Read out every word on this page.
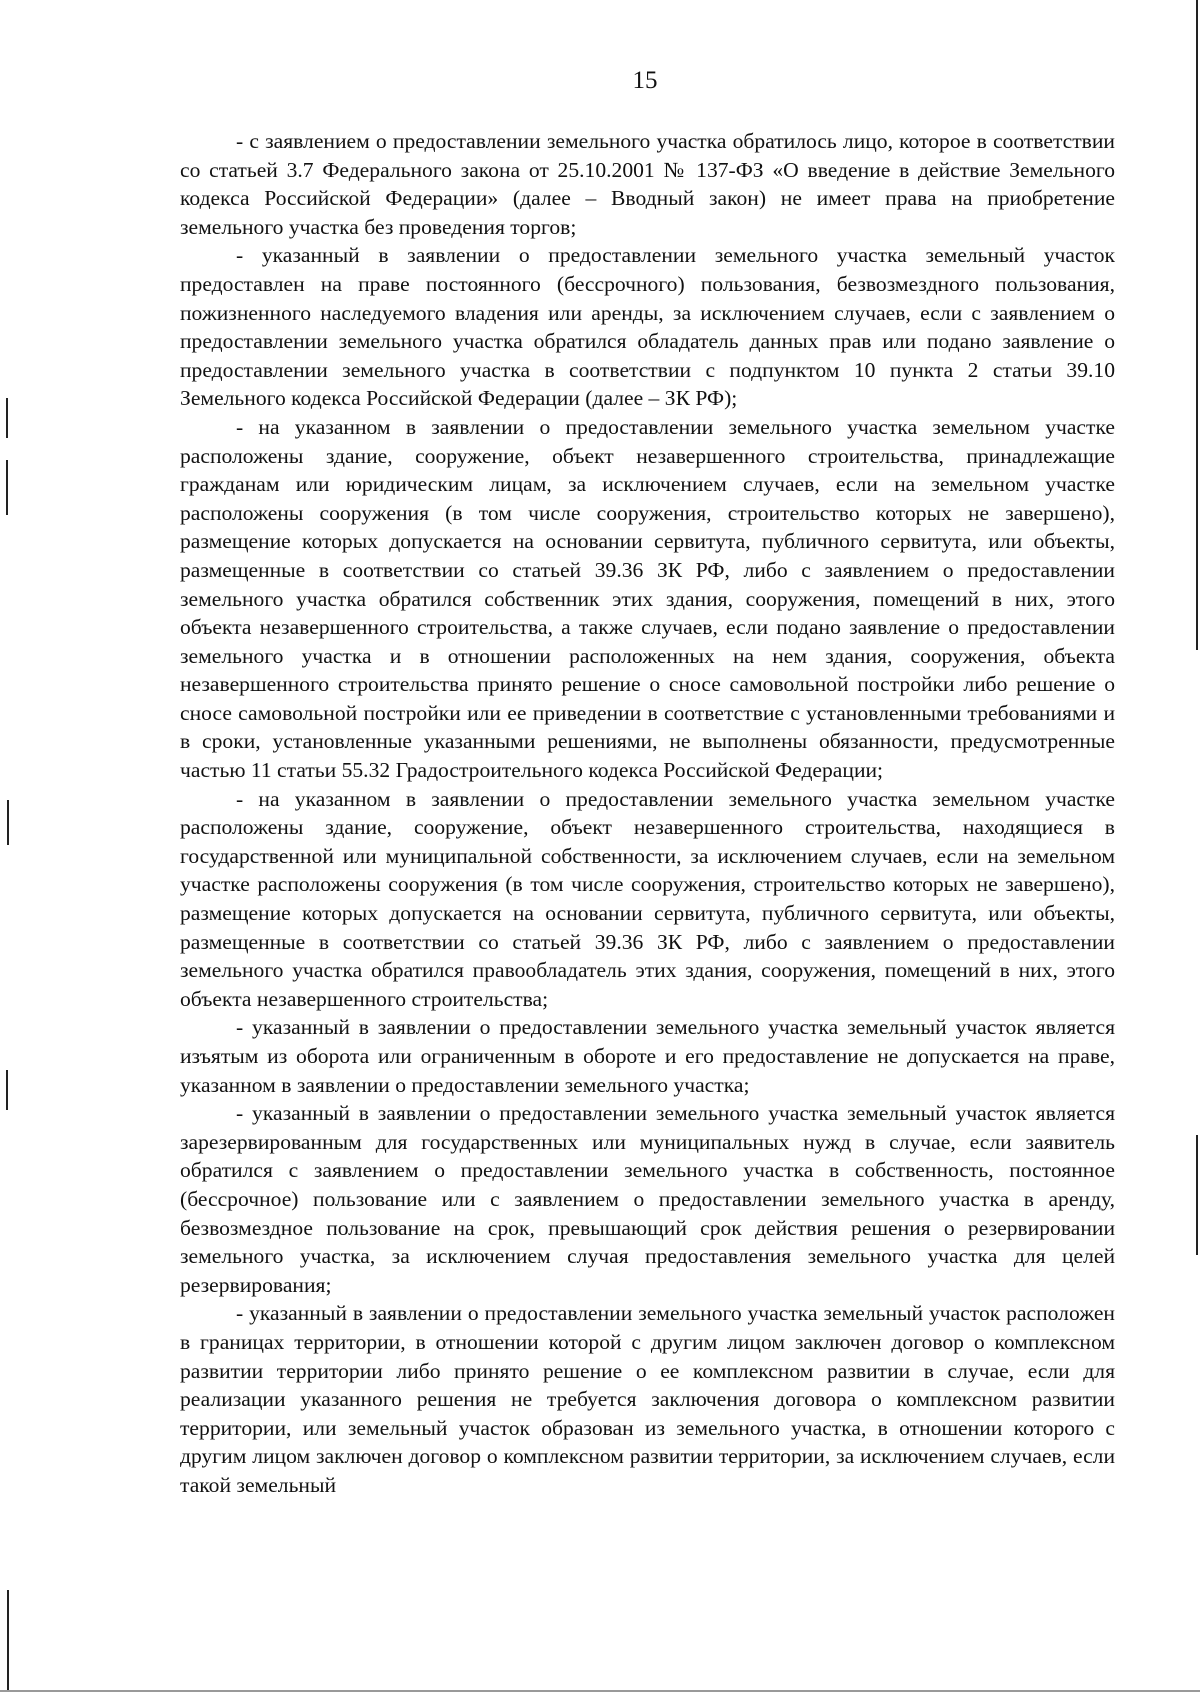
15

- с заявлением о предоставлении земельного участка обратилось лицо, которое в соответствии со статьей 3.7 Федерального закона от 25.10.2001 № 137-ФЗ «О введение в действие Земельного кодекса Российской Федерации» (далее – Вводный закон) не имеет права на приобретение земельного участка без проведения торгов;

- указанный в заявлении о предоставлении земельного участка земельный участок предоставлен на праве постоянного (бессрочного) пользования, безвозмездного пользования, пожизненного наследуемого владения или аренды, за исключением случаев, если с заявлением о предоставлении земельного участка обратился обладатель данных прав или подано заявление о предоставлении земельного участка в соответствии с подпунктом 10 пункта 2 статьи 39.10 Земельного кодекса Российской Федерации (далее – ЗК РФ);

- на указанном в заявлении о предоставлении земельного участка земельном участке расположены здание, сооружение, объект незавершенного строительства, принадлежащие гражданам или юридическим лицам, за исключением случаев, если на земельном участке расположены сооружения (в том числе сооружения, строительство которых не завершено), размещение которых допускается на основании сервитута, публичного сервитута, или объекты, размещенные в соответствии со статьей 39.36 ЗК РФ, либо с заявлением о предоставлении земельного участка обратился собственник этих здания, сооружения, помещений в них, этого объекта незавершенного строительства, а также случаев, если подано заявление о предоставлении земельного участка и в отношении расположенных на нем здания, сооружения, объекта незавершенного строительства принято решение о сносе самовольной постройки либо решение о сносе самовольной постройки или ее приведении в соответствие с установленными требованиями и в сроки, установленные указанными решениями, не выполнены обязанности, предусмотренные частью 11 статьи 55.32 Градостроительного кодекса Российской Федерации;

- на указанном в заявлении о предоставлении земельного участка земельном участке расположены здание, сооружение, объект незавершенного строительства, находящиеся в государственной или муниципальной собственности, за исключением случаев, если на земельном участке расположены сооружения (в том числе сооружения, строительство которых не завершено), размещение которых допускается на основании сервитута, публичного сервитута, или объекты, размещенные в соответствии со статьей 39.36 ЗК РФ, либо с заявлением о предоставлении земельного участка обратился правообладатель этих здания, сооружения, помещений в них, этого объекта незавершенного строительства;

- указанный в заявлении о предоставлении земельного участка земельный участок является изъятым из оборота или ограниченным в обороте и его предоставление не допускается на праве, указанном в заявлении о предоставлении земельного участка;

- указанный в заявлении о предоставлении земельного участка земельный участок является зарезервированным для государственных или муниципальных нужд в случае, если заявитель обратился с заявлением о предоставлении земельного участка в собственность, постоянное (бессрочное) пользование или с заявлением о предоставлении земельного участка в аренду, безвозмездное пользование на срок, превышающий срок действия решения о резервировании земельного участка, за исключением случая предоставления земельного участка для целей резервирования;

- указанный в заявлении о предоставлении земельного участка земельный участок расположен в границах территории, в отношении которой с другим лицом заключен договор о комплексном развитии территории либо принято решение о ее комплексном развитии в случае, если для реализации указанного решения не требуется заключения договора о комплексном развитии территории, или земельный участок образован из земельного участка, в отношении которого с другим лицом заключен договор о комплексном развитии территории, за исключением случаев, если такой земельный
